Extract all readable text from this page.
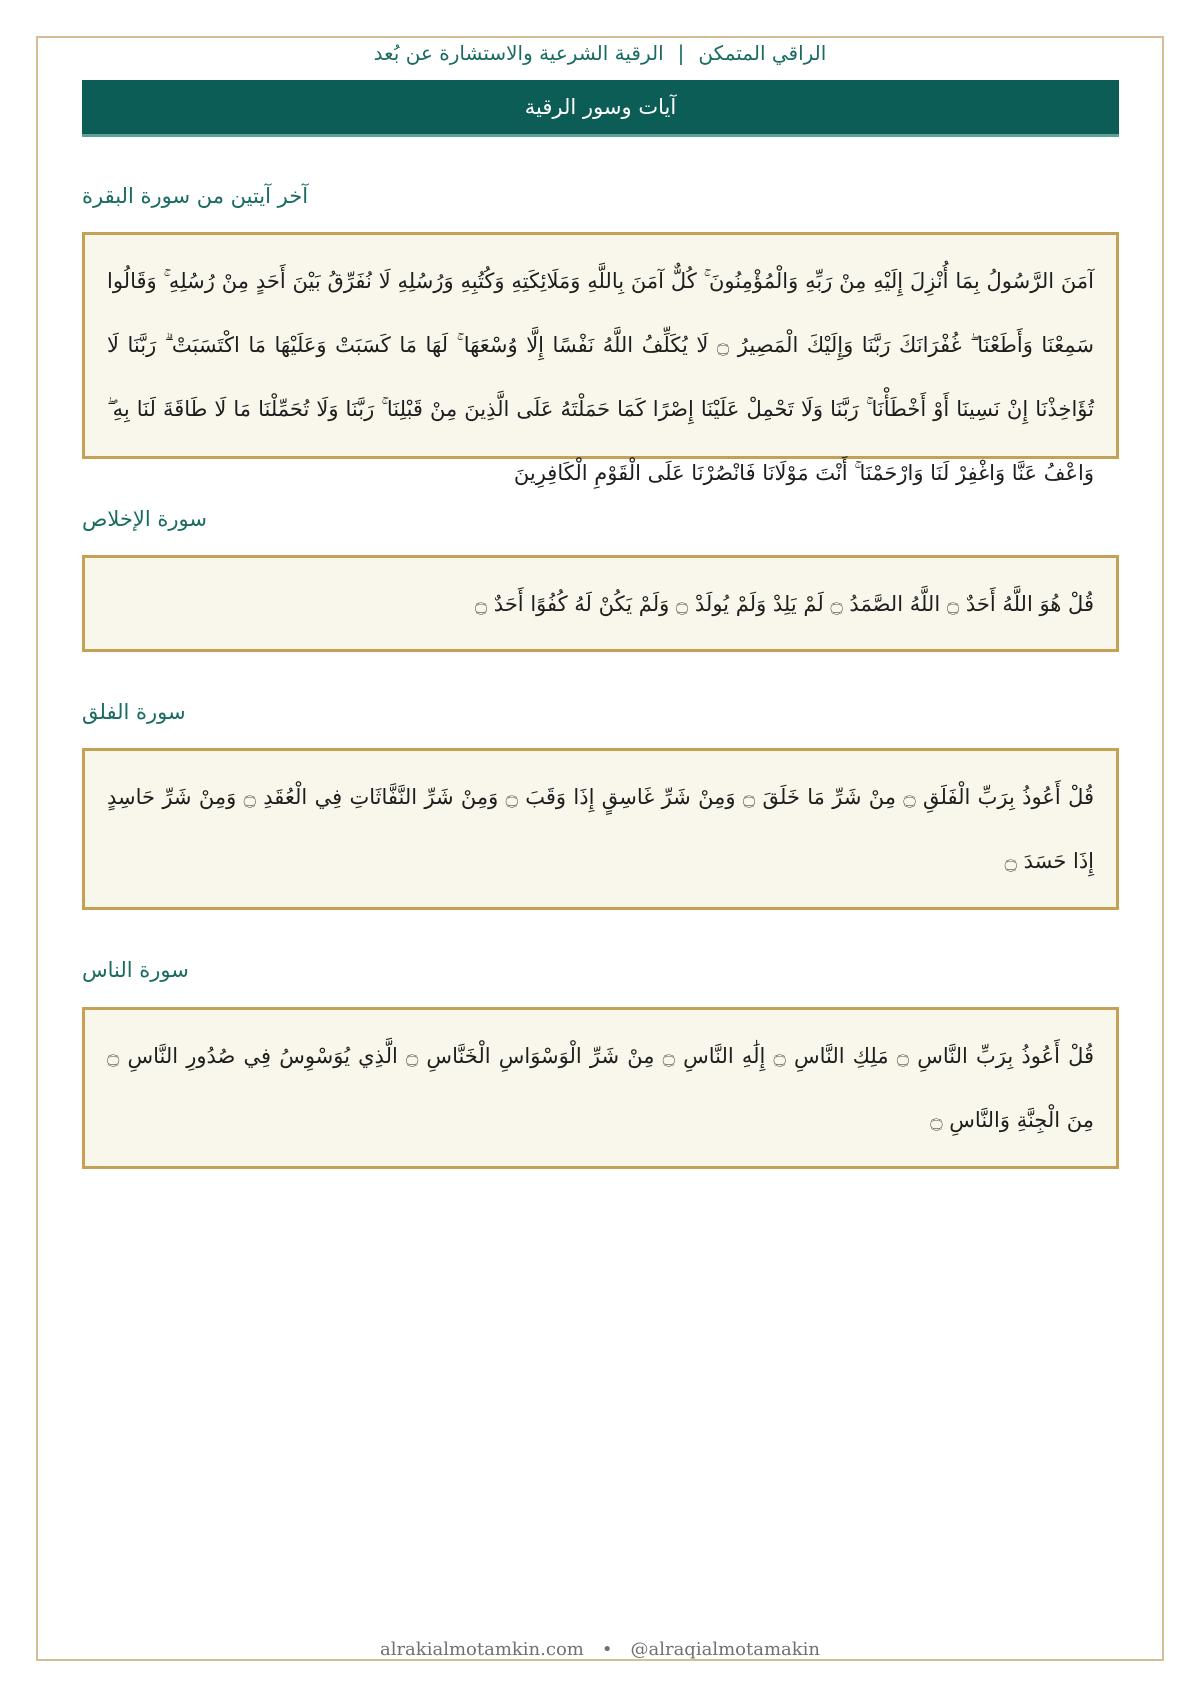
الراقي المتمكن|الرقية الشرعية والاستشارة عن بُعد
آيات وسور الرقية
آخر آيتين من سورة البقرة
آمَنَ الرَّسُولُ بِمَا أُنْزِلَ إِلَيْهِ مِنْ رَبِّهِ وَالْمُؤْمِنُونَ ۚ كُلٌّ آمَنَ بِاللَّهِ وَمَلَائِكَتِهِ وَكُتُبِهِ وَرُسُلِهِ لَا نُفَرِّقُ بَيْنَ أَحَدٍ مِنْ رُسُلِهِ ۚ وَقَالُوا سَمِعْنَا وَأَطَعْنَا ۖ غُفْرَانَكَ رَبَّنَا وَإِلَيْكَ الْمَصِيرُ ۝ لَا يُكَلِّفُ اللَّهُ نَفْسًا إِلَّا وُسْعَهَا ۚ لَهَا مَا كَسَبَتْ وَعَلَيْهَا مَا اكْتَسَبَتْ ۗ رَبَّنَا لَا تُؤَاخِذْنَا إِنْ نَسِينَا أَوْ أَخْطَأْنَا ۚ رَبَّنَا وَلَا تَحْمِلْ عَلَيْنَا إِصْرًا كَمَا حَمَلْتَهُ عَلَى الَّذِينَ مِنْ قَبْلِنَا ۚ رَبَّنَا وَلَا تُحَمِّلْنَا مَا لَا طَاقَةَ لَنَا بِهِ ۖ وَاعْفُ عَنَّا وَاغْفِرْ لَنَا وَارْحَمْنَا ۚ أَنْتَ مَوْلَانَا فَانْصُرْنَا عَلَى الْقَوْمِ الْكَافِرِينَ
سورة الإخلاص
قُلْ هُوَ اللَّهُ أَحَدٌ ۝ اللَّهُ الصَّمَدُ ۝ لَمْ يَلِدْ وَلَمْ يُولَدْ ۝ وَلَمْ يَكُنْ لَهُ كُفُوًا أَحَدٌ ۝
سورة الفلق
قُلْ أَعُوذُ بِرَبِّ الْفَلَقِ ۝ مِنْ شَرِّ مَا خَلَقَ ۝ وَمِنْ شَرِّ غَاسِقٍ إِذَا وَقَبَ ۝ وَمِنْ شَرِّ النَّفَّاثَاتِ فِي الْعُقَدِ ۝ وَمِنْ شَرِّ حَاسِدٍ إِذَا حَسَدَ ۝
سورة الناس
قُلْ أَعُوذُ بِرَبِّ النَّاسِ ۝ مَلِكِ النَّاسِ ۝ إِلَٰهِ النَّاسِ ۝ مِنْ شَرِّ الْوَسْوَاسِ الْخَنَّاسِ ۝ الَّذِي يُوَسْوِسُ فِي صُدُورِ النَّاسِ ۝ مِنَ الْجِنَّةِ وَالنَّاسِ ۝
alrakialmotamkin.com • @alraqialmotamakin
